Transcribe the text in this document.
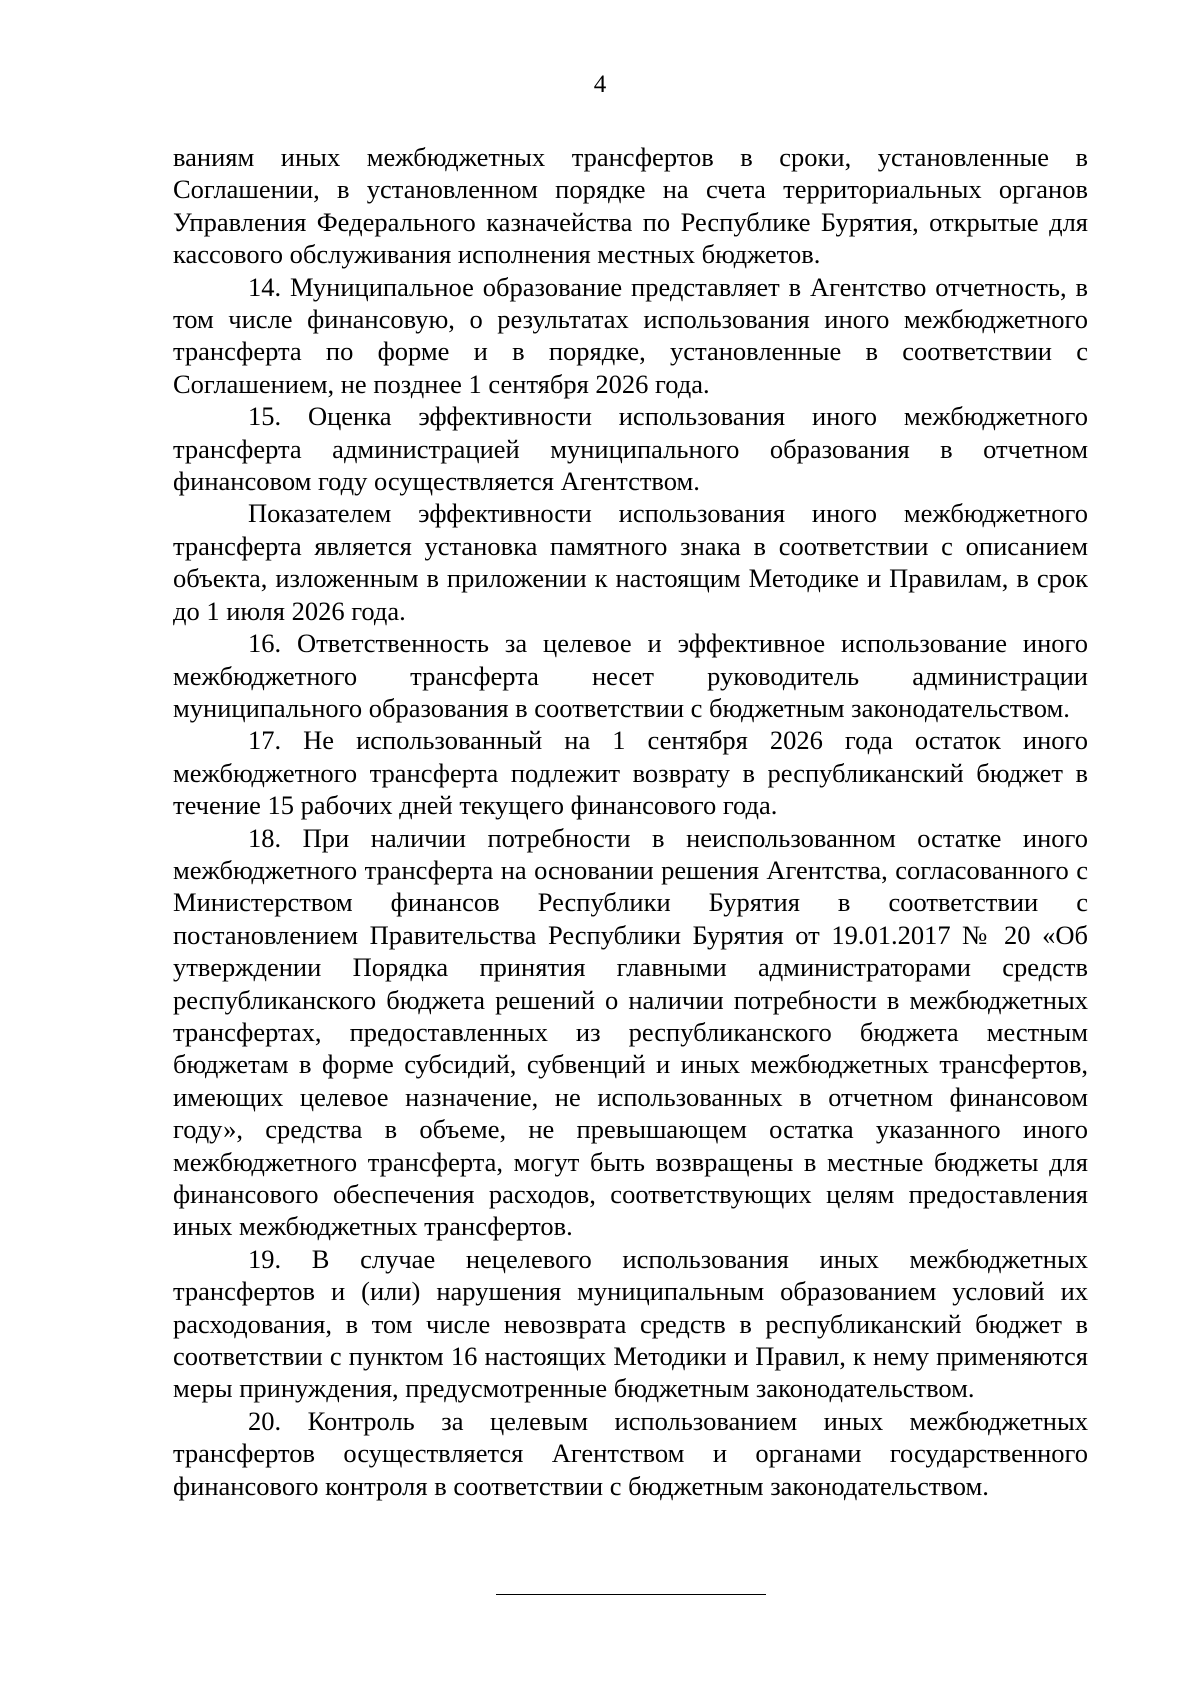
4

ваниям иных межбюджетных трансфертов в сроки, установленные в Соглашении, в установленном порядке на счета территориальных органов Управления Федерального казначейства по Республике Бурятия, открытые для кассового обслуживания исполнения местных бюджетов.

14. Муниципальное образование представляет в Агентство отчетность, в том числе финансовую, о результатах использования иного межбюджетного трансферта по форме и в порядке, установленные в соответствии с Соглашением, не позднее 1 сентября 2026 года.

15. Оценка эффективности использования иного межбюджетного трансферта администрацией муниципального образования в отчетном финансовом году осуществляется Агентством.

Показателем эффективности использования иного межбюджетного трансферта является установка памятного знака в соответствии с описанием объекта, изложенным в приложении к настоящим Методике и Правилам, в срок до 1 июля 2026 года.

16. Ответственность за целевое и эффективное использование иного межбюджетного трансферта несет руководитель администрации муниципального образования в соответствии с бюджетным законодательством.

17. Не использованный на 1 сентября 2026 года остаток иного межбюджетного трансферта подлежит возврату в республиканский бюджет в течение 15 рабочих дней текущего финансового года.

18. При наличии потребности в неиспользованном остатке иного межбюджетного трансферта на основании решения Агентства, согласованного с Министерством финансов Республики Бурятия в соответствии с постановлением Правительства Республики Бурятия от 19.01.2017 № 20 «Об утверждении Порядка принятия главными администраторами средств республиканского бюджета решений о наличии потребности в межбюджетных трансфертах, предоставленных из республиканского бюджета местным бюджетам в форме субсидий, субвенций и иных межбюджетных трансфертов, имеющих целевое назначение, не использованных в отчетном финансовом году», средства в объеме, не превышающем остатка указанного иного межбюджетного трансферта, могут быть возвращены в местные бюджеты для финансового обеспечения расходов, соответствующих целям предоставления иных межбюджетных трансфертов.

19. В случае нецелевого использования иных межбюджетных трансфертов и (или) нарушения муниципальным образованием условий их расходования, в том числе невозврата средств в республиканский бюджет в соответствии с пунктом 16 настоящих Методики и Правил, к нему применяются меры принуждения, предусмотренные бюджетным законодательством.

20. Контроль за целевым использованием иных межбюджетных трансфертов осуществляется Агентством и органами государственного финансового контроля в соответствии с бюджетным законодательством.
